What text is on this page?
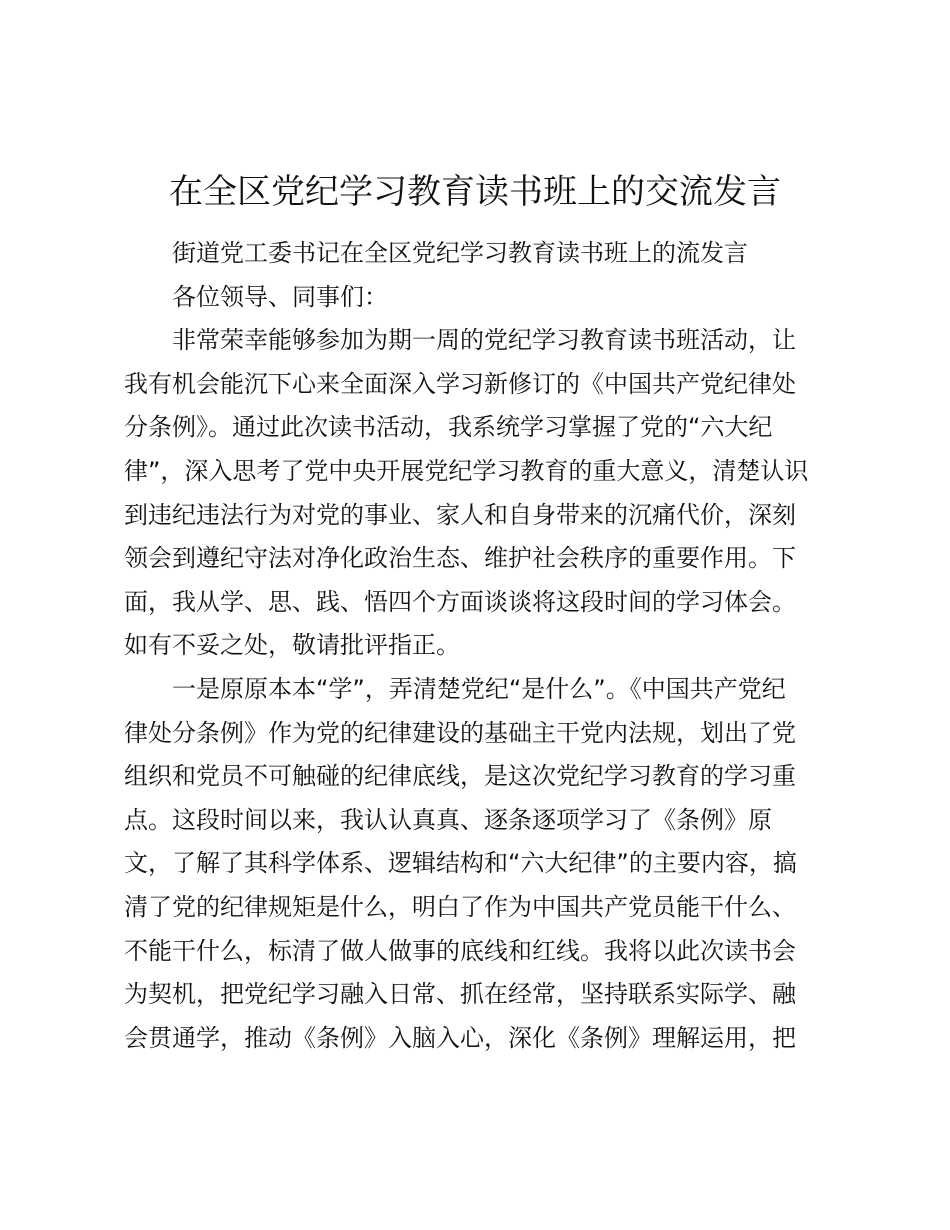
在全区党纪学习教育读书班上的交流发言
街道党工委书记在全区党纪学习教育读书班上的流发言
各位领导、同事们：
非常荣幸能够参加为期一周的党纪学习教育读书班活动，让
我有机会能沉下心来全面深入学习新修订的《中国共产党纪律处
分条例》。通过此次读书活动，我系统学习掌握了党的“六大纪
律”，深入思考了党中央开展党纪学习教育的重大意义，清楚认识
到违纪违法行为对党的事业、家人和自身带来的沉痛代价，深刻
领会到遵纪守法对净化政治生态、维护社会秩序的重要作用。下
面，我从学、思、践、悟四个方面谈谈将这段时间的学习体会。
如有不妥之处，敬请批评指正。
一是原原本本“学”，弄清楚党纪“是什么”。《中国共产党纪
律处分条例》作为党的纪律建设的基础主干党内法规，划出了党
组织和党员不可触碰的纪律底线，是这次党纪学习教育的学习重
点。这段时间以来，我认认真真、逐条逐项学习了《条例》原
文，了解了其科学体系、逻辑结构和“六大纪律”的主要内容，搞
清了党的纪律规矩是什么，明白了作为中国共产党员能干什么、
不能干什么，标清了做人做事的底线和红线。我将以此次读书会
为契机，把党纪学习融入日常、抓在经常，坚持联系实际学、融
会贯通学，推动《条例》入脑入心，深化《条例》理解运用，把
